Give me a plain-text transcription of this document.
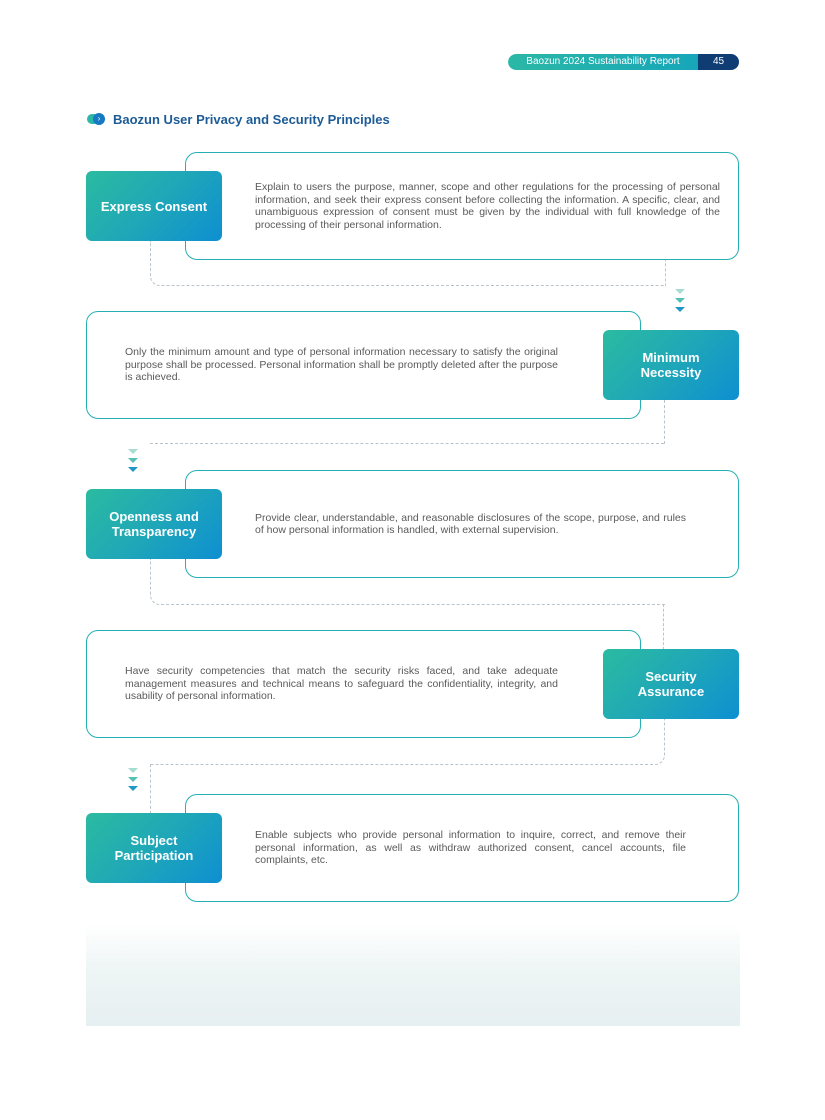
Baozun 2024 Sustainability Report	45
› Baozun User Privacy and Security Principles

Explain to users the purpose, manner, scope and other regulations for the processing of personal information, and seek their express consent before collecting the information. A specific, clear, and unambiguous expression of consent must be given by the individual with full knowledge of the processing of their personal information.

Express Consent

Only the minimum amount and type of personal information necessary to satisfy the original purpose shall be processed. Personal information shall be promptly deleted after the purpose is achieved.

Minimum Necessity

Provide clear, understandable, and reasonable disclosures of the scope, purpose, and rules of how personal information is handled, with external supervision.

Openness and Transparency

Have security competencies that match the security risks faced, and take adequate management measures and technical means to safeguard the confidentiality, integrity, and usability of personal information.

Security Assurance

Enable subjects who provide personal information to inquire, correct, and remove their personal information, as well as withdraw authorized consent, cancel accounts, file complaints, etc.

Subject Participation
